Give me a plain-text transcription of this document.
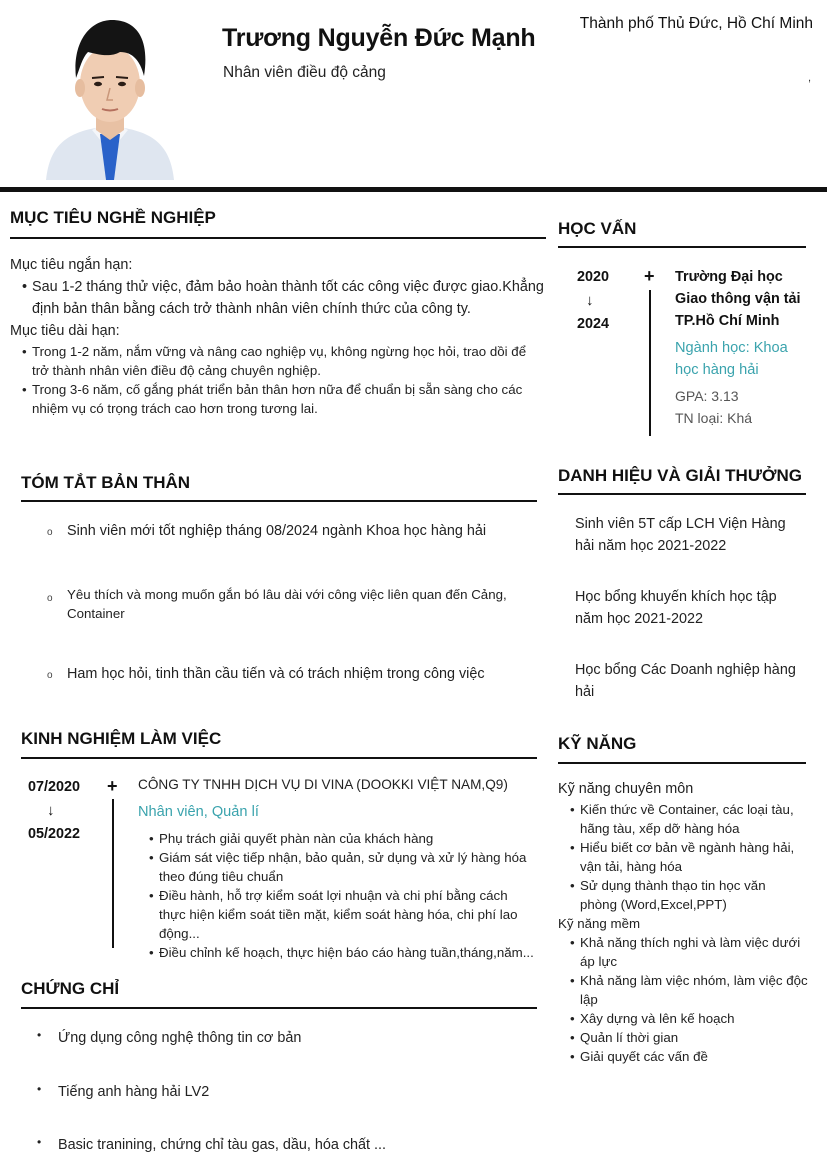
Trương Nguyễn Đức Mạnh
Nhân viên điều độ cảng
Thành phố Thủ Đức, Hồ Chí Minh
,
MỤC TIÊU NGHỀ NGHIỆP
Mục tiêu ngắn hạn:
• Sau 1-2 tháng thử việc, đảm bảo hoàn thành tốt các công việc được giao.Khẳng định bản thân bằng cách trở thành nhân viên chính thức của công ty.
Mục tiêu dài hạn:
• Trong 1-2 năm, nắm vững và nâng cao nghiệp vụ, không ngừng học hỏi, trao dồi để trở thành nhân viên điều độ cảng chuyên nghiệp.
• Trong 3-6 năm, cố gắng phát triển bản thân hơn nữa để chuẩn bị sẵn sàng cho các nhiệm vụ có trọng trách cao hơn trong tương lai.
TÓM TẮT BẢN THÂN
o Sinh viên mới tốt nghiệp tháng 08/2024 ngành Khoa học hàng hải
o Yêu thích và mong muốn gắn bó lâu dài với công việc liên quan đến Cảng, Container
o Ham học hỏi, tinh thần cầu tiến và có trách nhiệm trong công việc
KINH NGHIỆM LÀM VIỆC
07/2020
↓
05/2022
+ CÔNG TY TNHH DỊCH VỤ DI VINA (DOOKKI VIỆT NAM,Q9)
Nhân viên, Quản lí
• Phụ trách giải quyết phàn nàn của khách hàng
• Giám sát việc tiếp nhận, bảo quản, sử dụng và xử lý hàng hóa theo đúng tiêu chuẩn
• Điều hành, hỗ trợ kiểm soát lợi nhuận và chi phí bằng cách thực hiện kiểm soát tiền mặt, kiểm soát hàng hóa, chi phí lao động...
• Điều chỉnh kế hoạch, thực hiện báo cáo hàng tuần,tháng,năm...
CHỨNG CHỈ
• Ứng dụng công nghệ thông tin cơ bản
• Tiếng anh hàng hải LV2
• Basic tranining, chứng chỉ tàu gas, dầu, hóa chất ...
HỌC VẤN
2020
↓
2024
+ Trường Đại học Giao thông vận tải TP.Hồ Chí Minh
Ngành học: Khoa học hàng hải
GPA: 3.13
TN loại: Khá
DANH HIỆU VÀ GIẢI THƯỞNG
Sinh viên 5T cấp LCH Viện Hàng hải năm học 2021-2022
Học bổng khuyến khích học tập năm học 2021-2022
Học bổng Các Doanh nghiệp hàng hải
KỸ NĂNG
Kỹ năng chuyên môn
• Kiến thức về Container, các loại tàu, hãng tàu, xếp dỡ hàng hóa
• Hiểu biết cơ bản về ngành hàng hải, vận tải, hàng hóa
• Sử dụng thành thạo tin học văn phòng (Word,Excel,PPT)
Kỹ năng mềm
• Khả năng thích nghi và làm việc dưới áp lực
• Khả năng làm việc nhóm, làm việc độc lập
• Xây dựng và lên kế hoạch
• Quản lí thời gian
• Giải quyết các vấn đề
